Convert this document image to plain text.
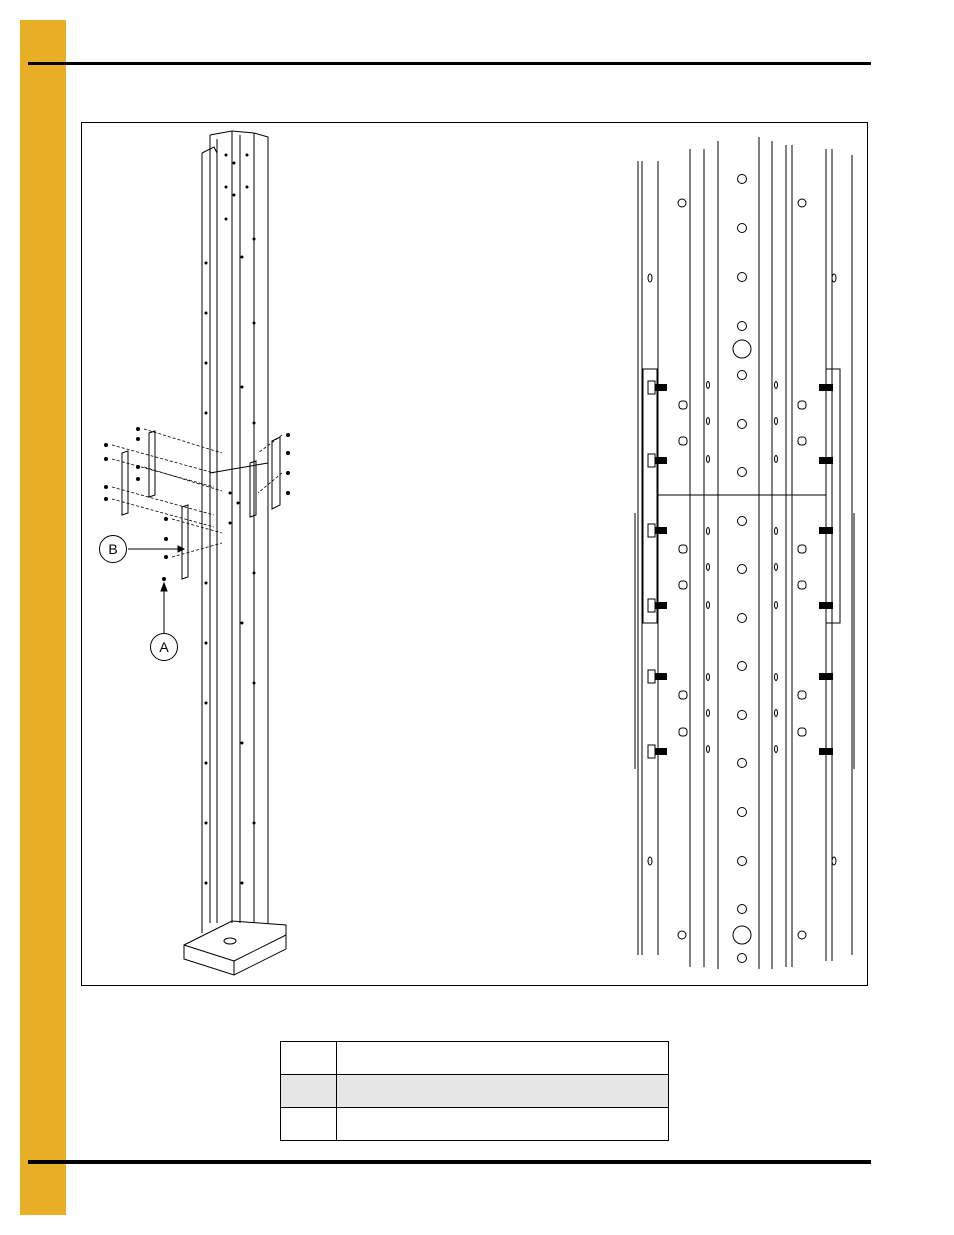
B
A
